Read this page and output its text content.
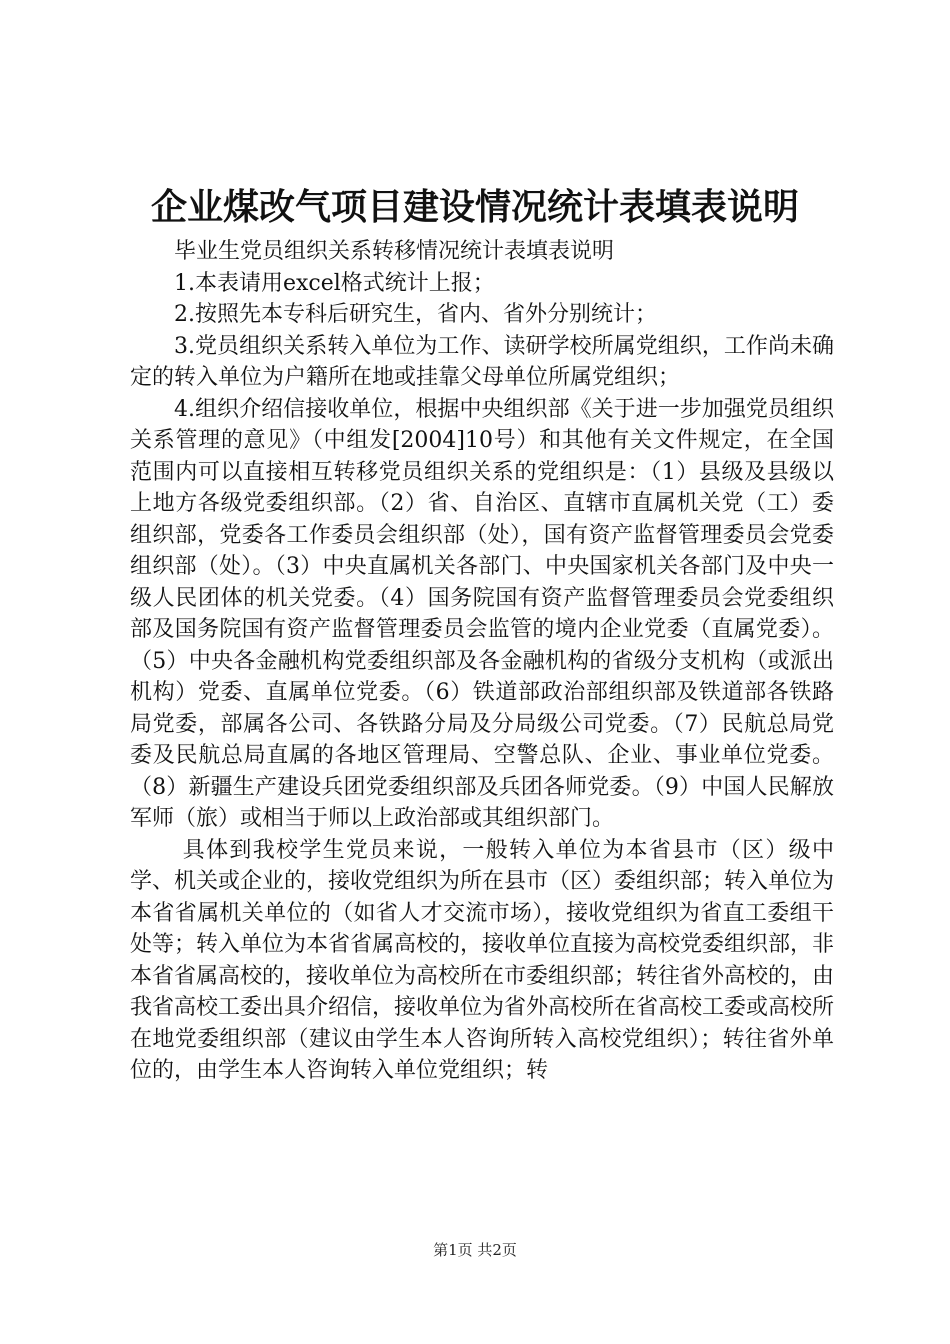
企业煤改气项目建设情况统计表填表说明

毕业生党员组织关系转移情况统计表填表说明

1.本表请用excel格式统计上报；

2.按照先本专科后研究生，省内、省外分别统计；

3.党员组织关系转入单位为工作、读研学校所属党组织，工作尚未确定的转入单位为户籍所在地或挂靠父母单位所属党组织；

4.组织介绍信接收单位，根据中央组织部《关于进一步加强党员组织关系管理的意见》（中组发[2004]10号）和其他有关文件规定，在全国范围内可以直接相互转移党员组织关系的党组织是：（1）县级及县级以上地方各级党委组织部。（2）省、自治区、直辖市直属机关党（工）委组织部，党委各工作委员会组织部（处），国有资产监督管理委员会党委组织部（处）。（3）中央直属机关各部门、中央国家机关各部门及中央一级人民团体的机关党委。（4）国务院国有资产监督管理委员会党委组织部及国务院国有资产监督管理委员会监管的境内企业党委（直属党委）。（5）中央各金融机构党委组织部及各金融机构的省级分支机构（或派出机构）党委、直属单位党委。（6）铁道部政治部组织部及铁道部各铁路局党委，部属各公司、各铁路分局及分局级公司党委。（7）民航总局党委及民航总局直属的各地区管理局、空警总队、企业、事业单位党委。（8）新疆生产建设兵团党委组织部及兵团各师党委。（9）中国人民解放军师（旅）或相当于师以上政治部或其组织部门。

具体到我校学生党员来说，一般转入单位为本省县市（区）级中学、机关或企业的，接收党组织为所在县市（区）委组织部；转入单位为本省省属机关单位的（如省人才交流市场），接收党组织为省直工委组干处等；转入单位为本省省属高校的，接收单位直接为高校党委组织部，非本省省属高校的，接收单位为高校所在市委组织部；转往省外高校的，由我省高校工委出具介绍信，接收单位为省外高校所在省高校工委或高校所在地党委组织部（建议由学生本人咨询所转入高校党组织）；转往省外单位的，由学生本人咨询转入单位党组织；转

第1页 共2页
